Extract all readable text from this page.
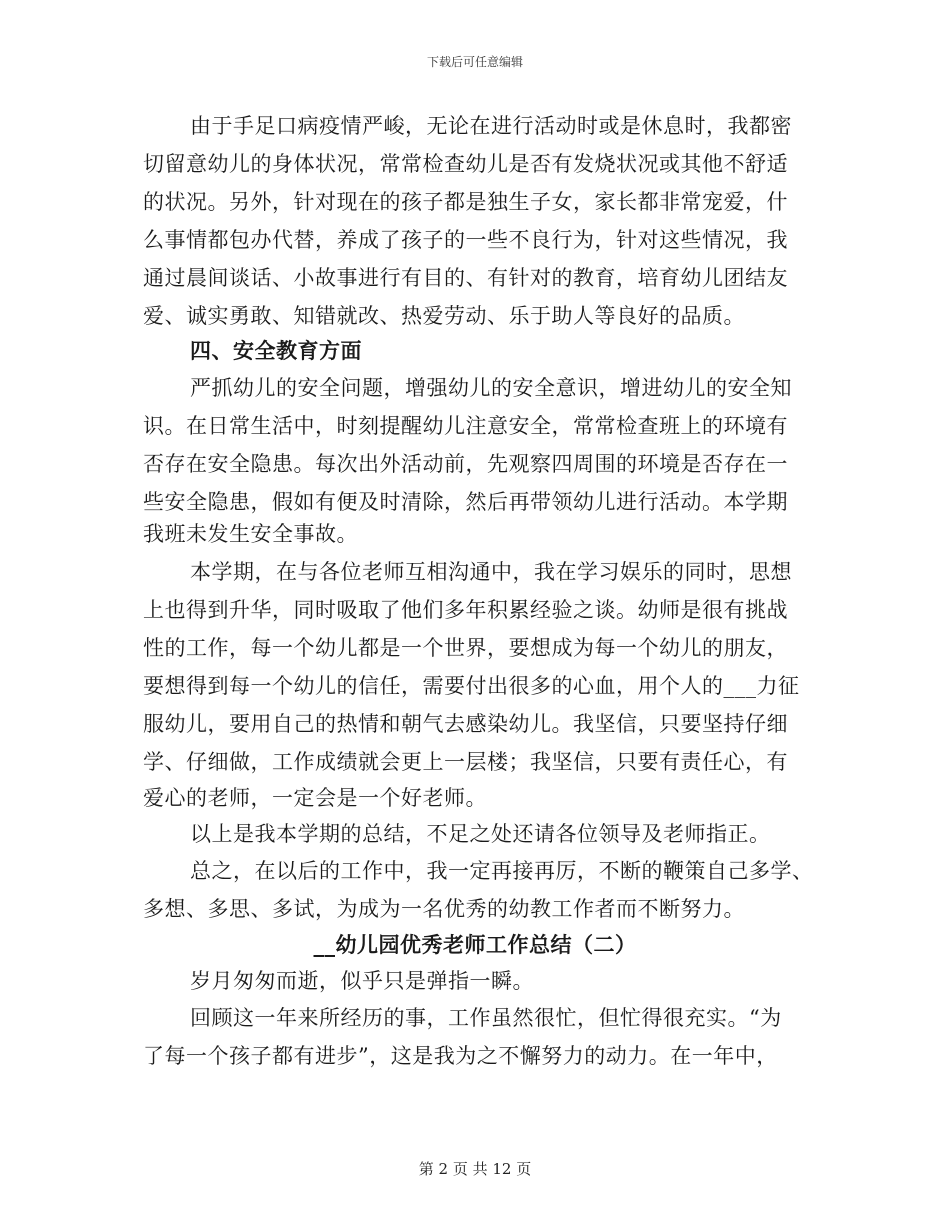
下载后可任意编辑
由于手足口病疫情严峻，无论在进行活动时或是休息时，我都密
切留意幼儿的身体状况，常常检查幼儿是否有发烧状况或其他不舒适
的状况。另外，针对现在的孩子都是独生子女，家长都非常宠爱，什
么事情都包办代替，养成了孩子的一些不良行为，针对这些情况，我
通过晨间谈话、小故事进行有目的、有针对的教育，培育幼儿团结友
爱、诚实勇敢、知错就改、热爱劳动、乐于助人等良好的品质。
四、安全教育方面
严抓幼儿的安全问题，增强幼儿的安全意识，增进幼儿的安全知
识。在日常生活中，时刻提醒幼儿注意安全，常常检查班上的环境有
否存在安全隐患。每次出外活动前，先观察四周围的环境是否存在一
些安全隐患，假如有便及时清除，然后再带领幼儿进行活动。本学期
我班未发生安全事故。
本学期，在与各位老师互相沟通中，我在学习娱乐的同时，思想
上也得到升华，同时吸取了他们多年积累经验之谈。幼师是很有挑战
性的工作，每一个幼儿都是一个世界，要想成为每一个幼儿的朋友，
要想得到每一个幼儿的信任，需要付出很多的心血，用个人的___力征
服幼儿，要用自己的热情和朝气去感染幼儿。我坚信，只要坚持仔细
学、仔细做，工作成绩就会更上一层楼；我坚信，只要有责任心，有
爱心的老师，一定会是一个好老师。
以上是我本学期的总结，不足之处还请各位领导及老师指正。
总之，在以后的工作中，我一定再接再厉，不断的鞭策自己多学、
多想、多思、多试，为成为一名优秀的幼教工作者而不断努力。
__幼儿园优秀老师工作总结（二）
岁月匆匆而逝，似乎只是弹指一瞬。
回顾这一年来所经历的事，工作虽然很忙，但忙得很充实。“为
了每一个孩子都有进步”，这是我为之不懈努力的动力。在一年中，
第 2 页 共 12 页
